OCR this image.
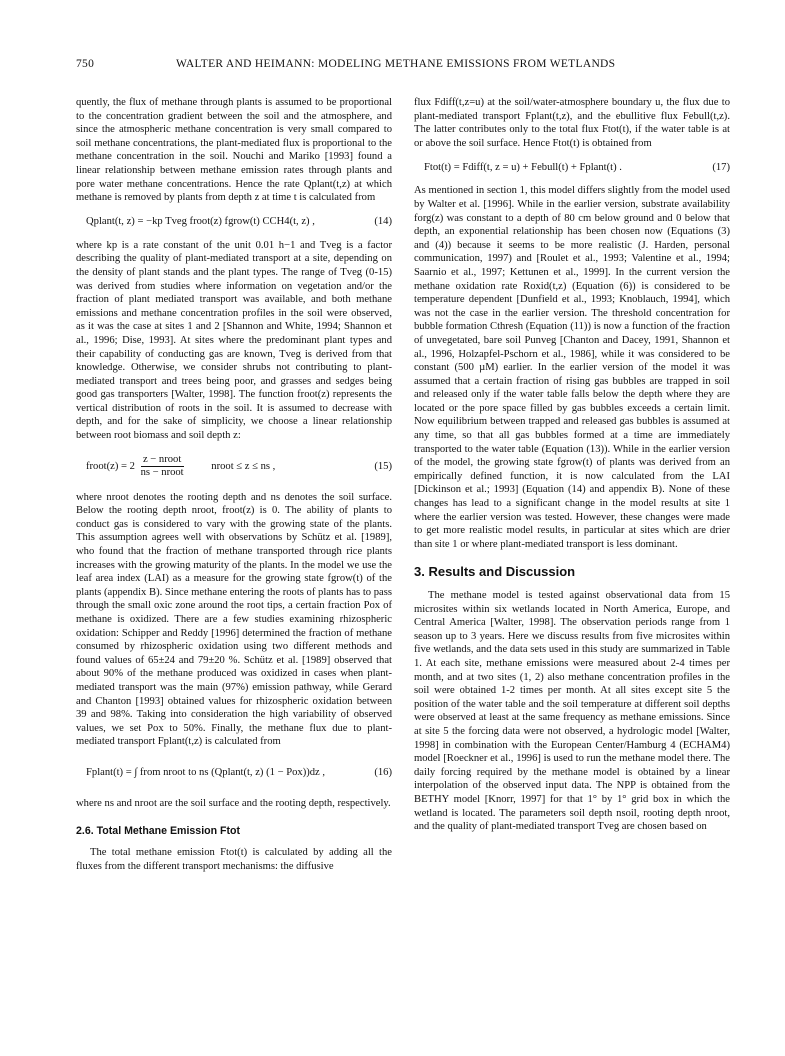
750	WALTER AND HEIMANN: MODELING METHANE EMISSIONS FROM WETLANDS

quently, the flux of methane through plants is assumed to be proportional to the concentration gradient between the soil and the atmosphere, and since the atmospheric methane concentration is very small compared to soil methane concentrations, the plant-mediated flux is proportional to the methane concentration in the soil. Nouchi and Mariko [1993] found a linear relationship between methane emission rates through plants and pore water methane concentrations. Hence the rate Qplant(t,z) at which methane is removed by plants from depth z at time t is calculated from

Qplant(t, z) = −kp Tveg froot(z) fgrow(t) CCH4(t, z) ,	(14)

where kp is a rate constant of the unit 0.01 h−1 and Tveg is a factor describing the quality of plant-mediated transport at a site, depending on the density of plant stands and the plant types. The range of Tveg (0-15) was derived from studies where information on vegetation and/or the fraction of plant mediated transport was available, and both methane emissions and methane concentration profiles in the soil were observed, as it was the case at sites 1 and 2 [Shannon and White, 1994; Shannon et al., 1996; Dise, 1993]. At sites where the predominant plant types and their capability of conducting gas are known, Tveg is derived from that knowledge. Otherwise, we consider shrubs not contributing to plant-mediated transport and trees being poor, and grasses and sedges being good gas transporters [Walter, 1998]. The function froot(z) represents the vertical distribution of roots in the soil. It is assumed to decrease with depth, and for the sake of simplicity, we choose a linear relationship between root biomass and soil depth z:

froot(z) = $2 \frac{\text{z − nroot}}{\text{ns − nroot}}$	nroot ≤ z ≤ ns ,	(15)

where nroot denotes the rooting depth and ns denotes the soil surface. Below the rooting depth nroot, froot(z) is 0. The ability of plants to conduct gas is considered to vary with the growing state of the plants. This assumption agrees well with observations by Schütz et al. [1989], who found that the fraction of methane transported through rice plants increases with the growing maturity of the plants. In the model we use the leaf area index (LAI) as a measure for the growing state fgrow(t) of the plants (appendix B). Since methane entering the roots of plants has to pass through the small oxic zone around the root tips, a certain fraction Pox of methane is oxidized. There are a few studies examining rhizospheric oxidation: Schipper and Reddy [1996] determined the fraction of methane consumed by rhizospheric oxidation using two different methods and found values of 65±24 and 79±20 %. Schütz et al. [1989] observed that about 90% of the methane produced was oxidized in cases when plant-mediated transport was the main (97%) emission pathway, while Gerard and Chanton [1993] obtained values for rhizospheric oxidation between 39 and 98%. Taking into consideration the high variability of observed values, we set Pox to 50%. Finally, the methane flux due to plant-mediated transport Fplant(t,z) is calculated from

Fplant(t) = ∫ from nroot to ns (Qplant(t, z) (1 − Pox))dz ,	(16)

where ns and nroot are the soil surface and the rooting depth, respectively.

2.6. Total Methane Emission Ftot

The total methane emission Ftot(t) is calculated by adding all the fluxes from the different transport mechanisms: the diffusive

flux Fdiff(t,z=u) at the soil/water-atmosphere boundary u, the flux due to plant-mediated transport Fplant(t,z), and the ebullitive flux Febull(t,z). The latter contributes only to the total flux Ftot(t), if the water table is at or above the soil surface. Hence Ftot(t) is obtained from

Ftot(t) = Fdiff(t, z = u) + Febull(t) + Fplant(t) .	(17)

As mentioned in section 1, this model differs slightly from the model used by Walter et al. [1996]. While in the earlier version, substrate availability forg(z) was constant to a depth of 80 cm below ground and 0 below that depth, an exponential relationship has been chosen now (Equations (3) and (4)) because it seems to be more realistic (J. Harden, personal communication, 1997) and [Roulet et al., 1993; Valentine et al., 1994; Saarnio et al., 1997; Kettunen et al., 1999]. In the current version the methane oxidation rate Roxid(t,z) (Equation (6)) is considered to be temperature dependent [Dunfield et al., 1993; Knoblauch, 1994], which was not the case in the earlier version. The threshold concentration for bubble formation Cthresh (Equation (11)) is now a function of the fraction of unvegetated, bare soil Punveg [Chanton and Dacey, 1991, Shannon et al., 1996, Holzapfel-Pschorn et al., 1986], while it was considered to be constant (500 µM) earlier. In the earlier version of the model it was assumed that a certain fraction of rising gas bubbles are trapped in soil and released only if the water table falls below the depth where they are located or the pore space filled by gas bubbles exceeds a certain limit. Now equilibrium between trapped and released gas bubbles is assumed at any time, so that all gas bubbles formed at a time are immediately transported to the water table (Equation (13)). While in the earlier version of the model, the growing state fgrow(t) of plants was derived from an empirically defined function, it is now calculated from the LAI [Dickinson et al.; 1993] (Equation (14) and appendix B). None of these changes has lead to a significant change in the model results at site 1 where the earlier version was tested. However, these changes were made to get more realistic model results, in particular at sites which are drier than site 1 or where plant-mediated transport is less dominant.

3. Results and Discussion

The methane model is tested against observational data from 15 microsites within six wetlands located in North America, Europe, and Central America [Walter, 1998]. The observation periods range from 1 season up to 3 years. Here we discuss results from five microsites within five wetlands, and the data sets used in this study are summarized in Table 1. At each site, methane emissions were measured about 2-4 times per month, and at two sites (1, 2) also methane concentration profiles in the soil were obtained 1-2 times per month. At all sites except site 5 the position of the water table and the soil temperature at different soil depths were observed at least at the same frequency as methane emissions. Since at site 5 the forcing data were not observed, a hydrologic model [Walter, 1998] in combination with the European Center/Hamburg 4 (ECHAM4) model [Roeckner et al., 1996] is used to run the methane model there. The daily forcing required by the methane model is obtained by a linear interpolation of the observed input data. The NPP is obtained from the BETHY model [Knorr, 1997] for that 1° by 1° grid box in which the wetland is located. The parameters soil depth nsoil, rooting depth nroot, and the quality of plant-mediated transport Tveg are chosen based on
